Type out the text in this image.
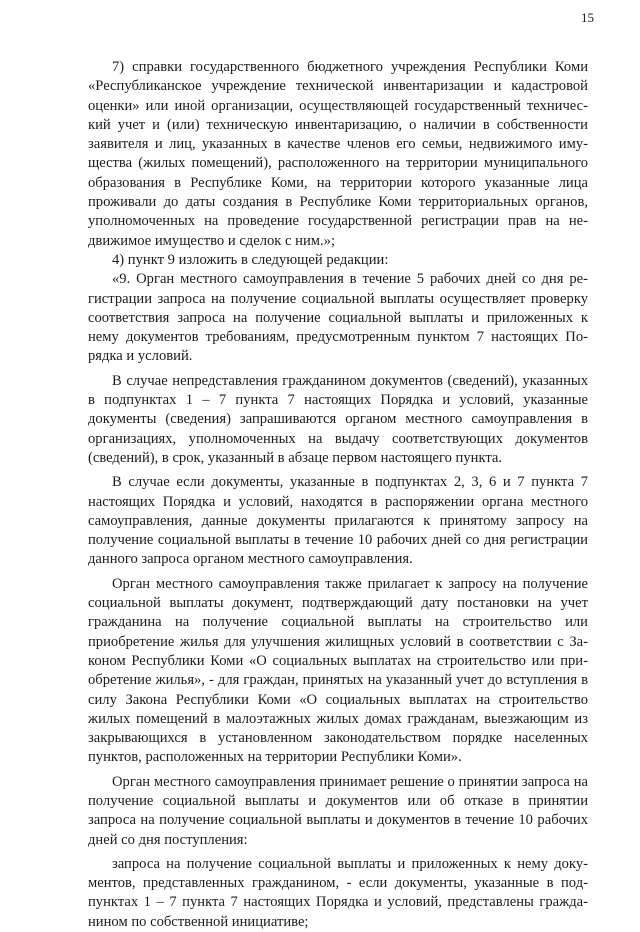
15

7) справки государственного бюджетного учреждения Республики Коми «Республиканское учреждение технической инвентаризации и кадастровой оценки» или иной организации, осуществляющей государственный технический учет и (или) техническую инвентаризацию, о наличии в собственности заявителя и лиц, указанных в качестве членов его семьи, недвижимого имущества (жилых помещений), расположенного на территории муниципального образования в Республике Коми, на территории которого указанные лица проживали до даты создания в Республике Коми территориальных органов, уполномоченных на проведение государственной регистрации прав на недвижимое имущество и сделок с ним.»;

4) пункт 9 изложить в следующей редакции:

«9. Орган местного самоуправления в течение 5 рабочих дней со дня регистрации запроса на получение социальной выплаты осуществляет проверку соответствия запроса на получение социальной выплаты и приложенных к нему документов требованиям, предусмотренным пунктом 7 настоящих Порядка и условий.

В случае непредставления гражданином документов (сведений), указанных в подпунктах 1 – 7 пункта 7 настоящих Порядка и условий, указанные документы (сведения) запрашиваются органом местного самоуправления в организациях, уполномоченных на выдачу соответствующих документов (сведений), в срок, указанный в абзаце первом настоящего пункта.

В случае если документы, указанные в подпунктах 2, 3, 6 и 7 пункта 7 настоящих Порядка и условий, находятся в распоряжении органа местного самоуправления, данные документы прилагаются к принятому запросу на получение социальной выплаты в течение 10 рабочих дней со дня регистрации данного запроса органом местного самоуправления.

Орган местного самоуправления также прилагает к запросу на получение социальной выплаты документ, подтверждающий дату постановки на учет гражданина на получение социальной выплаты на строительство или приобретение жилья для улучшения жилищных условий в соответствии с Законом Республики Коми «О социальных выплатах на строительство или приобретение жилья», - для граждан, принятых на указанный учет до вступления в силу Закона Республики Коми «О социальных выплатах на строительство жилых помещений в малоэтажных жилых домах гражданам, выезжающим из закрывающихся в установленном законодательством порядке населенных пунктов, расположенных на территории Республики Коми».

Орган местного самоуправления принимает решение о принятии запроса на получение социальной выплаты и документов или об отказе в принятии запроса на получение социальной выплаты и документов в течение 10 рабочих дней со дня поступления:

запроса на получение социальной выплаты и приложенных к нему документов, представленных гражданином, - если документы, указанные в подпунктах 1 – 7 пункта 7 настоящих Порядка и условий, представлены гражданином по собственной инициативе;
